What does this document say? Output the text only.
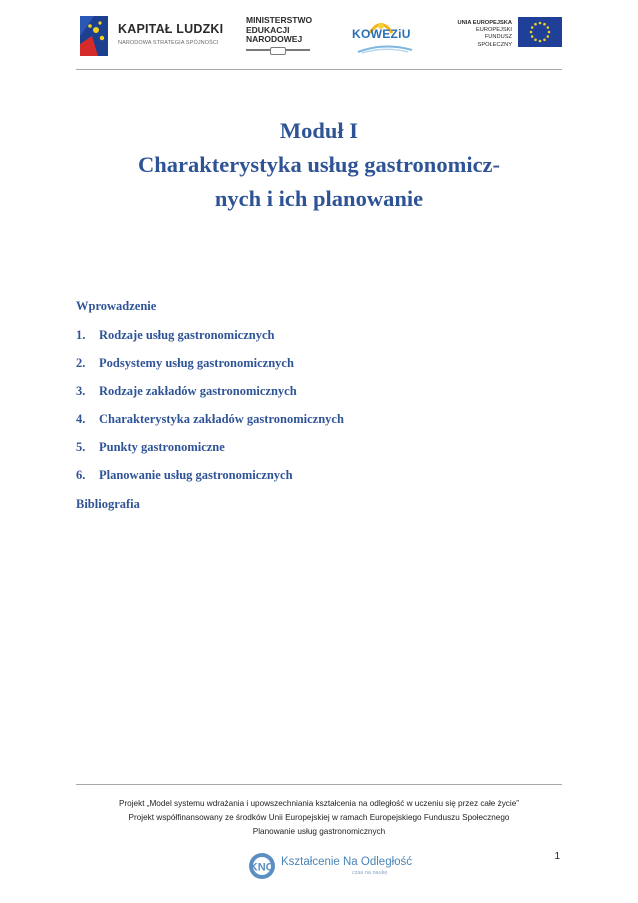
KAPITAŁ LUDZKI
NARODOWA STRATEGIA SPÓJNOŚCI
MINISTERSTWO
EDUKACJI
NARODOWEJ	KOWEZiU
UNIA EUROPEJSKA
EUROPEJSKI
FUNDUSZ SPOŁECZNY
Moduł I
Charakterystyka usług gastronomicz-
nych i ich planowanie
Wprowadzenie
1. Rodzaje usług gastronomicznych
2. Podsystemy usług gastronomicznych
3. Rodzaje zakładów gastronomicznych
4. Charakterystyka zakładów gastronomicznych
5. Punkty gastronomiczne
6. Planowanie usług gastronomicznych
Bibliografia
Projekt „Model systemu wdrażania i upowszechniania kształcenia na odległość w uczeniu się przez całe życie”
Projekt współfinansowany ze środków Unii Europejskiej w ramach Europejskiego Funduszu Społecznego
Planowanie usług gastronomicznych
KNO Kształcenie Na Odległość
czas na naukę
1
